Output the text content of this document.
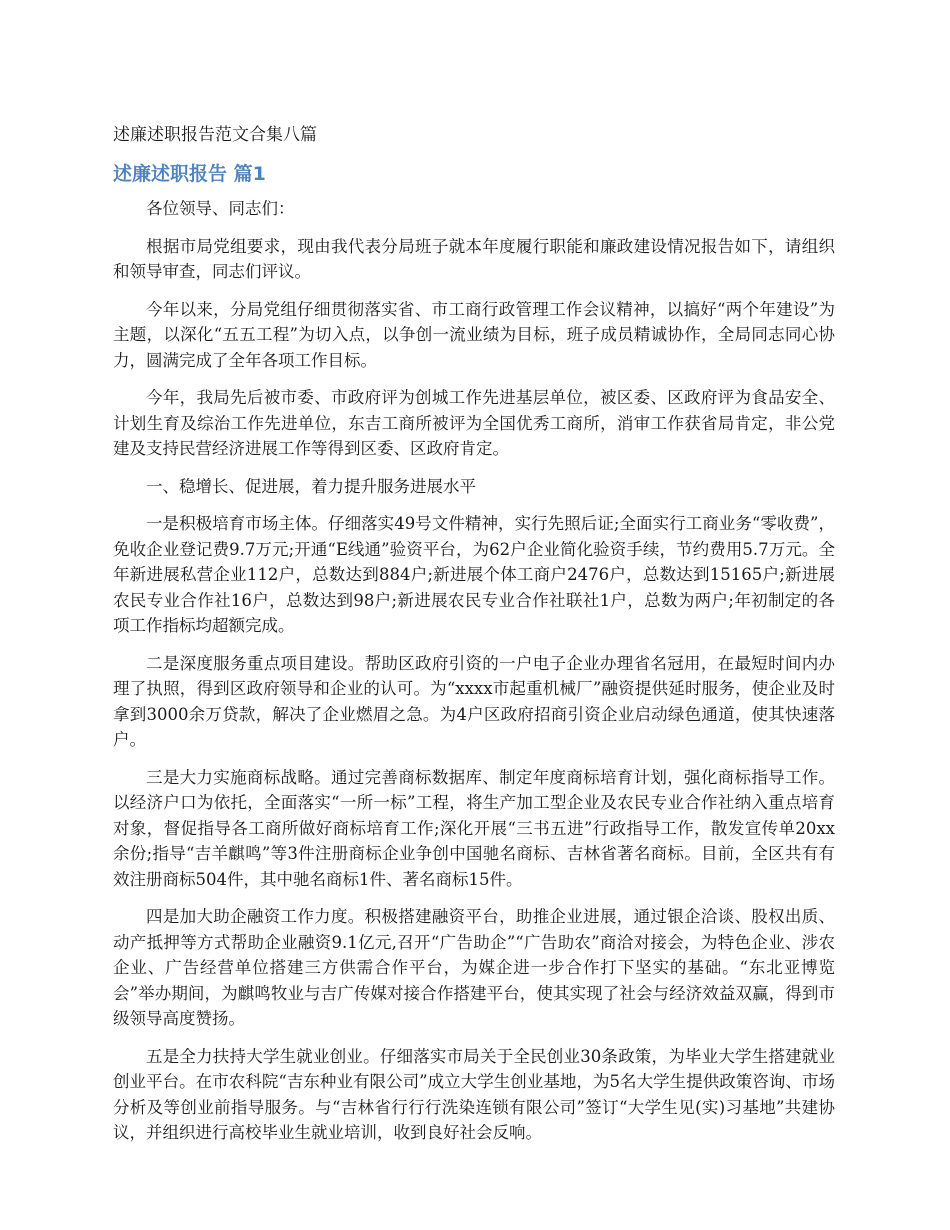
述廉述职报告范文合集八篇
述廉述职报告 篇1

各位领导、同志们：

根据市局党组要求，现由我代表分局班子就本年度履行职能和廉政建设情况报告如下，请组织和领导审查，同志们评议。

今年以来，分局党组仔细贯彻落实省、市工商行政管理工作会议精神，以搞好“两个年建设”为主题，以深化“五五工程”为切入点，以争创一流业绩为目标，班子成员精诚协作，全局同志同心协力，圆满完成了全年各项工作目标。

今年，我局先后被市委、市政府评为创城工作先进基层单位，被区委、区政府评为食品安全、计划生育及综治工作先进单位，东吉工商所被评为全国优秀工商所，消审工作获省局肯定，非公党建及支持民营经济进展工作等得到区委、区政府肯定。

一、稳增长、促进展，着力提升服务进展水平

一是积极培育市场主体。仔细落实49号文件精神，实行先照后证;全面实行工商业务“零收费”，免收企业登记费9.7万元;开通“E线通”验资平台，为62户企业简化验资手续，节约费用5.7万元。全年新进展私营企业112户，总数达到884户;新进展个体工商户2476户，总数达到15165户;新进展农民专业合作社16户，总数达到98户;新进展农民专业合作社联社1户，总数为两户;年初制定的各项工作指标均超额完成。

二是深度服务重点项目建设。帮助区政府引资的一户电子企业办理省名冠用，在最短时间内办理了执照，得到区政府领导和企业的认可。为“xxxx市起重机械厂”融资提供延时服务，使企业及时拿到3000余万贷款，解决了企业燃眉之急。为4户区政府招商引资企业启动绿色通道，使其快速落户。

三是大力实施商标战略。通过完善商标数据库、制定年度商标培育计划，强化商标指导工作。以经济户口为依托，全面落实“一所一标”工程，将生产加工型企业及农民专业合作社纳入重点培育对象，督促指导各工商所做好商标培育工作;深化开展“三书五进”行政指导工作，散发宣传单20xx余份;指导“吉羊麒鸣”等3件注册商标企业争创中国驰名商标、吉林省著名商标。目前，全区共有有效注册商标504件，其中驰名商标1件、著名商标15件。

四是加大助企融资工作力度。积极搭建融资平台，助推企业进展，通过银企洽谈、股权出质、动产抵押等方式帮助企业融资9.1亿元,召开“广告助企”“广告助农”商洽对接会，为特色企业、涉农企业、广告经营单位搭建三方供需合作平台，为媒企进一步合作打下坚实的基础。“东北亚博览会”举办期间，为麒鸣牧业与吉广传媒对接合作搭建平台，使其实现了社会与经济效益双赢，得到市级领导高度赞扬。

五是全力扶持大学生就业创业。仔细落实市局关于全民创业30条政策，为毕业大学生搭建就业创业平台。在市农科院“吉东种业有限公司”成立大学生创业基地，为5名大学生提供政策咨询、市场分析及等创业前指导服务。与“吉林省行行行洗染连锁有限公司”签订“大学生见(实)习基地”共建协议，并组织进行高校毕业生就业培训，收到良好社会反响。
